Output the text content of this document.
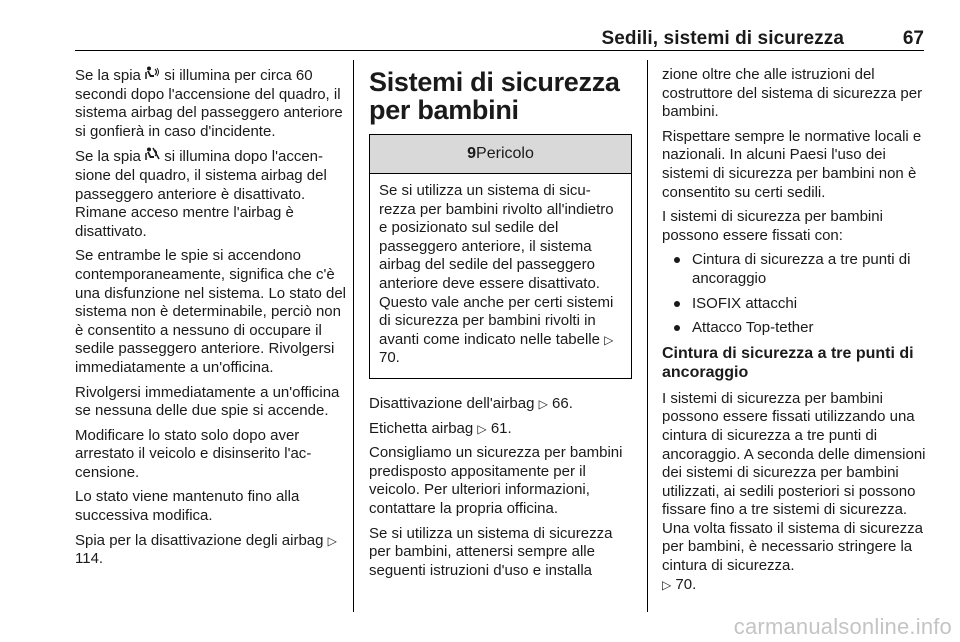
Sedili, sistemi di sicurezza	67

Se la spia si illumina per circa 60 secondi dopo l'accensione del quadro, il sistema airbag del passeggero anteriore si gonfierà in caso d'incidente.

Se la spia si illumina dopo l'accensione del quadro, il sistema airbag del passeggero anteriore è disattivato. Rimane acceso mentre l'airbag è disattivato.

Se entrambe le spie si accendono contemporaneamente, significa che c'è una disfunzione nel sistema. Lo stato del sistema non è determinabile, perciò non è consentito a nessuno di occupare il sedile passeggero anteriore. Rivolgersi immediatamente a un'officina.

Rivolgersi immediatamente a un'officina se nessuna delle due spie si accende.

Modificare lo stato solo dopo aver arrestato il veicolo e disinserito l'accensione.

Lo stato viene mantenuto fino alla successiva modifica.

Spia per la disattivazione degli airbag ▷ 114.

Sistemi di sicurezza per bambini
9Pericolo
Se si utilizza un sistema di sicurezza per bambini rivolto all'indietro e posizionato sul sedile del passeggero anteriore, il sistema airbag del sedile del passeggero anteriore deve essere disattivato. Questo vale anche per certi sistemi di sicurezza per bambini rivolti in avanti come indicato nelle tabelle ▷ 70.

Disattivazione dell'airbag ▷ 66.

Etichetta airbag ▷ 61.

Consigliamo un sicurezza per bambini predisposto appositamente per il veicolo. Per ulteriori informazioni, contattare la propria officina.

Se si utilizza un sistema di sicurezza per bambini, attenersi sempre alle seguenti istruzioni d'uso e installa

zione oltre che alle istruzioni del costruttore del sistema di sicurezza per bambini.

Rispettare sempre le normative locali e nazionali. In alcuni Paesi l'uso dei sistemi di sicurezza per bambini non è consentito su certi sedili.

I sistemi di sicurezza per bambini possono essere fissati con:

Cintura di sicurezza a tre punti di ancoraggio
ISOFIX attacchi
Attacco Top-tether
Cintura di sicurezza a tre punti di ancoraggio

I sistemi di sicurezza per bambini possono essere fissati utilizzando una cintura di sicurezza a tre punti di ancoraggio. A seconda delle dimensioni dei sistemi di sicurezza per bambini utilizzati, ai sedili posteriori si possono fissare fino a tre sistemi di sicurezza. Una volta fissato il sistema di sicurezza per bambini, è necessario stringere la cintura di sicurezza.
▷ 70.

carmanualsonline.info
